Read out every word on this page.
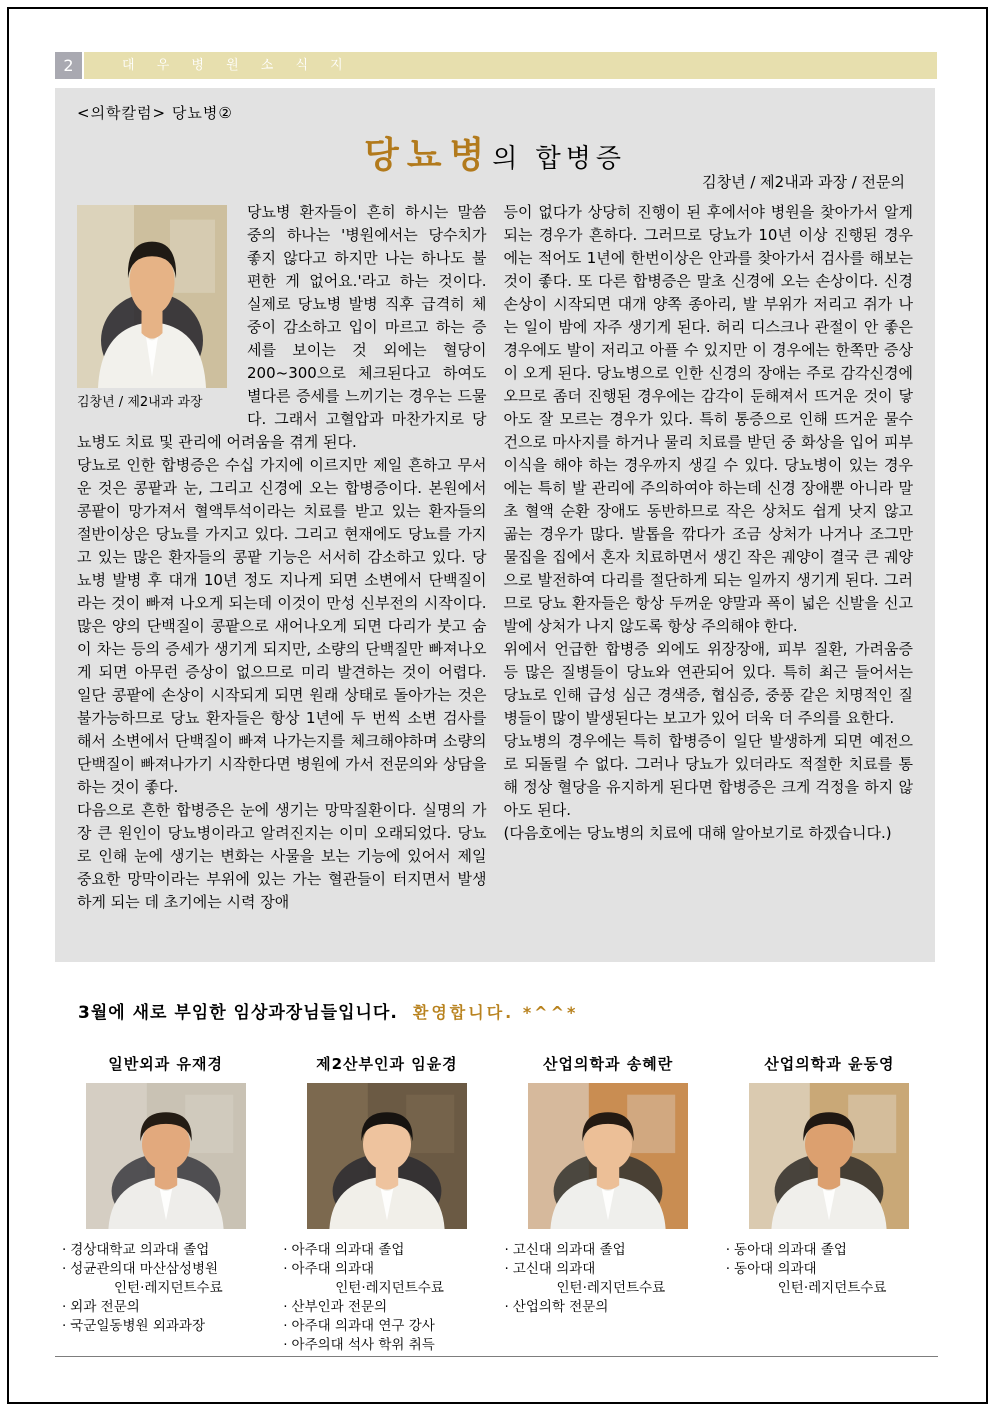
2	대 우 병 원 소 식 지
<의학칼럼> 당뇨병②
당뇨병의 합병증
김창년 / 제2내과 과장 / 전문의
김창년 / 제2내과 과장

당뇨병 환자들이 흔히 하시는 말씀 중의 하나는 '병원에서는 당수치가 좋지 않다고 하지만 나는 하나도 불편한 게 없어요.'라고 하는 것이다. 실제로 당뇨병 발병 직후 급격히 체중이 감소하고 입이 마르고 하는 증세를 보이는 것 외에는 혈당이 200~300으로 체크된다고 하여도 별다른 증세를 느끼기는 경우는 드물다. 그래서 고혈압과 마찬가지로 당뇨병도 치료 및 관리에 어려움을 겪게 된다.

당뇨로 인한 합병증은 수십 가지에 이르지만 제일 흔하고 무서운 것은 콩팥과 눈, 그리고 신경에 오는 합병증이다. 본원에서 콩팥이 망가져서 혈액투석이라는 치료를 받고 있는 환자들의 절반이상은 당뇨를 가지고 있다. 그리고 현재에도 당뇨를 가지고 있는 많은 환자들의 콩팥 기능은 서서히 감소하고 있다. 당뇨병 발병 후 대개 10년 정도 지나게 되면 소변에서 단백질이라는 것이 빠져 나오게 되는데 이것이 만성 신부전의 시작이다. 많은 양의 단백질이 콩팥으로 새어나오게 되면 다리가 붓고 숨이 차는 등의 증세가 생기게 되지만, 소량의 단백질만 빠져나오게 되면 아무런 증상이 없으므로 미리 발견하는 것이 어렵다. 일단 콩팥에 손상이 시작되게 되면 원래 상태로 돌아가는 것은 불가능하므로 당뇨 환자들은 항상 1년에 두 번씩 소변 검사를 해서 소변에서 단백질이 빠져 나가는지를 체크해야하며 소량의 단백질이 빠져나가기 시작한다면 병원에 가서 전문의와 상담을 하는 것이 좋다.

다음으로 흔한 합병증은 눈에 생기는 망막질환이다. 실명의 가장 큰 원인이 당뇨병이라고 알려진지는 이미 오래되었다. 당뇨로 인해 눈에 생기는 변화는 사물을 보는 기능에 있어서 제일 중요한 망막이라는 부위에 있는 가는 혈관들이 터지면서 발생하게 되는 데 초기에는 시력 장애

등이 없다가 상당히 진행이 된 후에서야 병원을 찾아가서 알게 되는 경우가 흔하다. 그러므로 당뇨가 10년 이상 진행된 경우에는 적어도 1년에 한번이상은 안과를 찾아가서 검사를 해보는 것이 좋다. 또 다른 합병증은 말초 신경에 오는 손상이다. 신경 손상이 시작되면 대개 양쪽 종아리, 발 부위가 저리고 쥐가 나는 일이 밤에 자주 생기게 된다. 허리 디스크나 관절이 안 좋은 경우에도 발이 저리고 아플 수 있지만 이 경우에는 한쪽만 증상이 오게 된다. 당뇨병으로 인한 신경의 장애는 주로 감각신경에 오므로 좀더 진행된 경우에는 감각이 둔해져서 뜨거운 것이 닿아도 잘 모르는 경우가 있다. 특히 통증으로 인해 뜨거운 물수건으로 마사지를 하거나 물리 치료를 받던 중 화상을 입어 피부 이식을 해야 하는 경우까지 생길 수 있다. 당뇨병이 있는 경우에는 특히 발 관리에 주의하여야 하는데 신경 장애뿐 아니라 말초 혈액 순환 장애도 동반하므로 작은 상처도 쉽게 낫지 않고 곪는 경우가 많다. 발톱을 깎다가 조금 상처가 나거나 조그만 물집을 집에서 혼자 치료하면서 생긴 작은 궤양이 결국 큰 궤양으로 발전하여 다리를 절단하게 되는 일까지 생기게 된다. 그러므로 당뇨 환자들은 항상 두꺼운 양말과 폭이 넓은 신발을 신고 발에 상처가 나지 않도록 항상 주의해야 한다.

위에서 언급한 합병증 외에도 위장장애, 피부 질환, 가려움증 등 많은 질병들이 당뇨와 연관되어 있다. 특히 최근 들어서는 당뇨로 인해 급성 심근 경색증, 협심증, 중풍 같은 치명적인 질병들이 많이 발생된다는 보고가 있어 더욱 더 주의를 요한다.

당뇨병의 경우에는 특히 합병증이 일단 발생하게 되면 예전으로 되돌릴 수 없다. 그러나 당뇨가 있더라도 적절한 치료를 통해 정상 혈당을 유지하게 된다면 합병증은 크게 걱정을 하지 않아도 된다.

(다음호에는 당뇨병의 치료에 대해 알아보기로 하겠습니다.)

3월에 새로 부임한 임상과장님들입니다. 환영합니다. *^^*
일반외과 유재경
· 경상대학교 의과대 졸업
· 성균관의대 마산삼성병원
인턴·레지던트수료
· 외과 전문의
· 국군일동병원 외과과장
제2산부인과 임윤경
· 아주대 의과대 졸업
· 아주대 의과대
인턴·레지던트수료
· 산부인과 전문의
· 아주대 의과대 연구 강사
· 아주의대 석사 학위 취득
산업의학과 송혜란
· 고신대 의과대 졸업
· 고신대 의과대
인턴·레지던트수료
· 산업의학 전문의
산업의학과 윤동영
· 동아대 의과대 졸업
· 동아대 의과대
인턴·레지던트수료
